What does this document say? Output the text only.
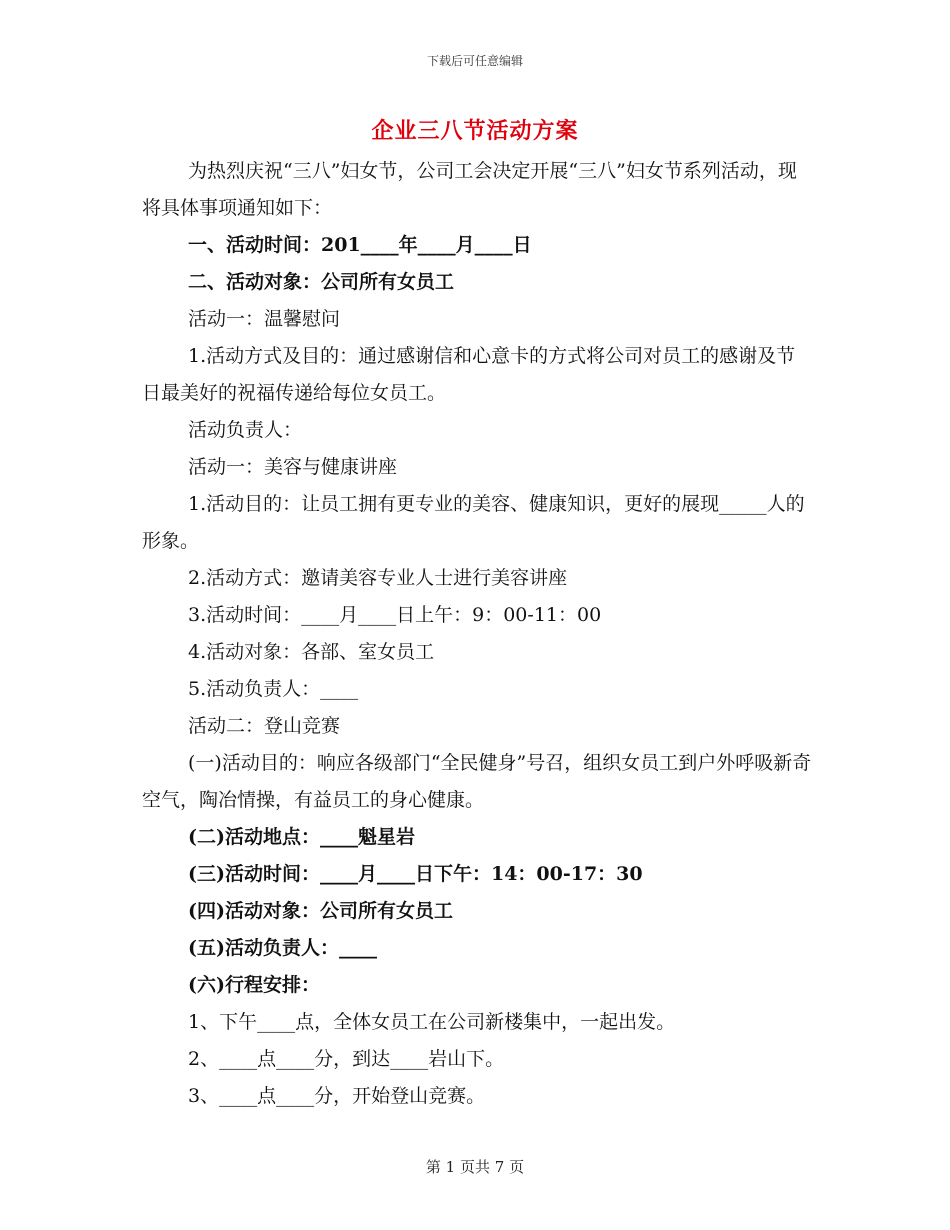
下载后可任意编辑
企业三八节活动方案

为热烈庆祝“三八”妇女节，公司工会决定开展“三八”妇女节系列活动，现将具体事项通知如下：

一、活动时间：201____年____月____日

二、活动对象：公司所有女员工

活动一：温馨慰问

1.活动方式及目的：通过感谢信和心意卡的方式将公司对员工的感谢及节日最美好的祝福传递给每位女员工。

活动负责人：

活动一：美容与健康讲座

1.活动目的：让员工拥有更专业的美容、健康知识，更好的展现_____人的形象。

2.活动方式：邀请美容专业人士进行美容讲座

3.活动时间：____月____日上午：9：00-11：00

4.活动对象：各部、室女员工

5.活动负责人：____

活动二：登山竞赛

(一)活动目的：响应各级部门“全民健身”号召，组织女员工到户外呼吸新奇空气，陶冶情操，有益员工的身心健康。

(二)活动地点：____魁星岩

(三)活动时间：____月____日下午：14：00-17：30

(四)活动对象：公司所有女员工

(五)活动负责人：____

(六)行程安排：

1、下午____点，全体女员工在公司新楼集中，一起出发。

2、____点____分，到达____岩山下。

3、____点____分，开始登山竞赛。

第 1 页共 7 页
